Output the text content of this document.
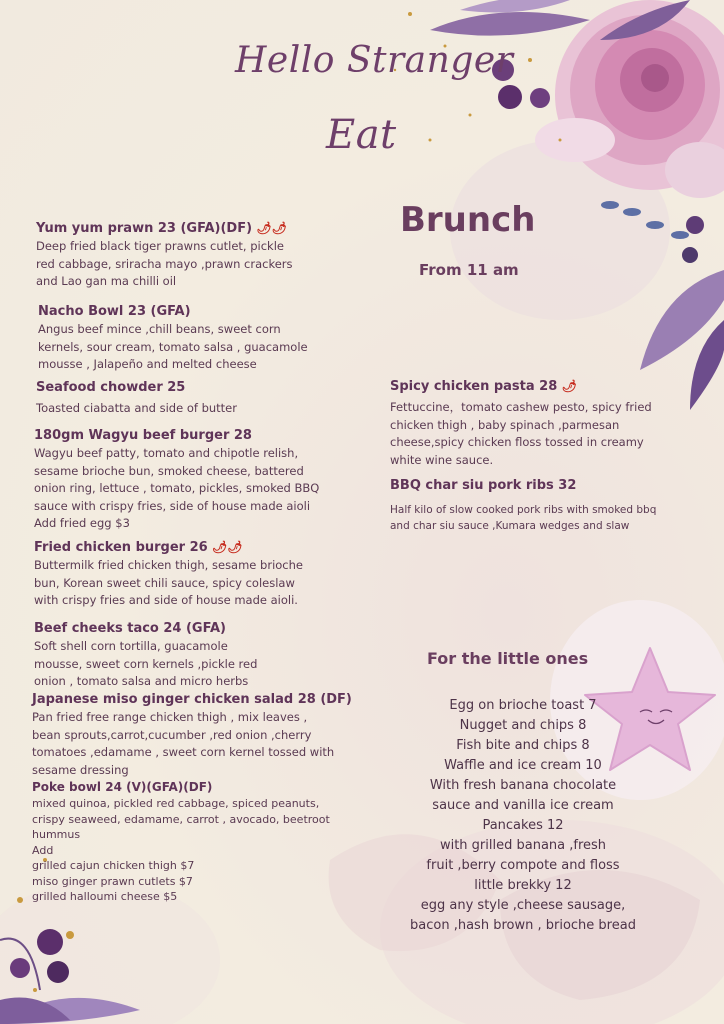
Hello Stranger
Eat
Brunch
From 11 am
Yum yum prawn 23 (GFA)(DF) 🌶🌶
Deep fried black tiger prawns cutlet, pickle
red cabbage, sriracha mayo ,prawn crackers
and Lao gan ma chilli oil
Nacho Bowl 23 (GFA)
Angus beef mince ,chill beans, sweet corn
kernels, sour cream, tomato salsa , guacamole
mousse , Jalapeño and melted cheese
Seafood chowder 25
Toasted ciabatta and side of butter
180gm Wagyu beef burger 28
Wagyu beef patty, tomato and chipotle relish,
sesame brioche bun, smoked cheese, battered
onion ring, lettuce , tomato, pickles, smoked BBQ
sauce with crispy fries, side of house made aioli
Add fried egg $3
Fried chicken burger 26 🌶🌶
Buttermilk fried chicken thigh, sesame brioche
bun, Korean sweet chili sauce, spicy coleslaw
with crispy fries and side of house made aioli.
Beef cheeks taco 24 (GFA)
Soft shell corn tortilla, guacamole
mousse, sweet corn kernels ,pickle red
onion , tomato salsa and micro herbs
Japanese miso ginger chicken salad 28 (DF)
Pan fried free range chicken thigh , mix leaves ,
bean sprouts,carrot,cucumber ,red onion ,cherry
tomatoes ,edamame , sweet corn kernel tossed with
sesame dressing
Poke bowl 24 (V)(GFA)(DF)
mixed quinoa, pickled red cabbage, spiced peanuts,
crispy seaweed, edamame, carrot , avocado, beetroot
hummus
Add
grilled cajun chicken thigh $7
miso ginger prawn cutlets $7
grilled halloumi cheese $5
Spicy chicken pasta 28 🌶
Fettuccine，tomato cashew pesto, spicy fried
chicken thigh , baby spinach ,parmesan
cheese,spicy chicken floss tossed in creamy
white wine sauce.
BBQ char siu pork ribs 32
Half kilo of slow cooked pork ribs with smoked bbq
and char siu sauce ,Kumara wedges and slaw
For the little ones
Egg on brioche toast 7
Nugget and chips 8
Fish bite and chips 8
Waffle and ice cream 10
With fresh banana chocolate
sauce and vanilla ice cream
Pancakes 12
with grilled banana ,fresh
fruit ,berry compote and floss
little brekky 12
egg any style ,cheese sausage,
bacon ,hash brown , brioche bread
